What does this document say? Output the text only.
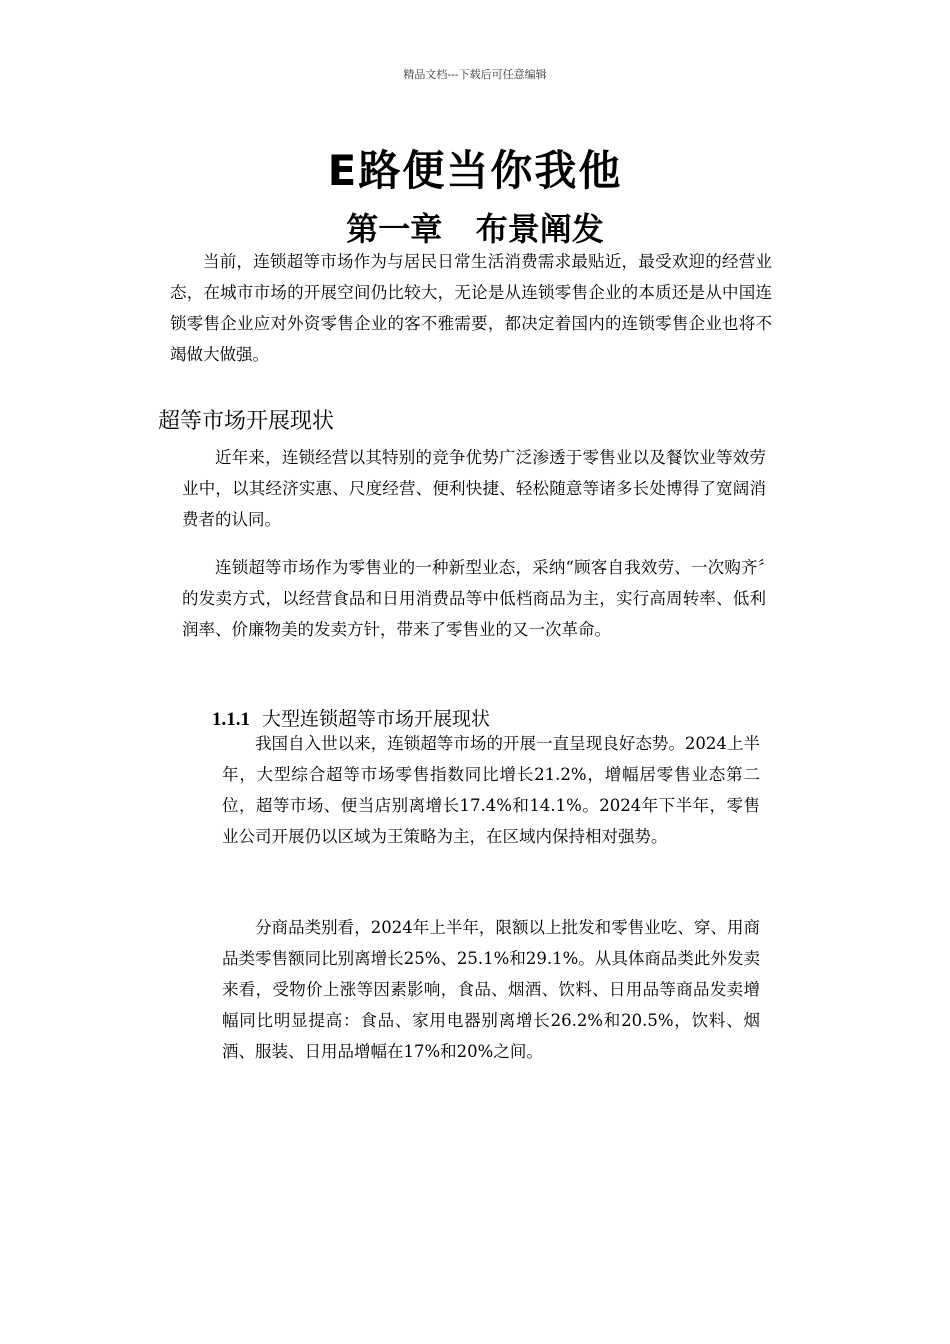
精品文档---下载后可任意编辑
E路便当你我他
第一章   布景阐发
当前，连锁超等市场作为与居民日常生活消费需求最贴近，最受欢迎的经营业态，在城市市场的开展空间仍比较大，无论是从连锁零售企业的本质还是从中国连锁零售企业应对外资零售企业的客不雅需要，都决定着国内的连锁零售企业也将不竭做大做强。
超等市场开展现状
近年来，连锁经营以其特别的竞争优势广泛渗透于零售业以及餐饮业等效劳业中，以其经济实惠、尺度经营、便利快捷、轻松随意等诸多长处博得了宽阔消费者的认同。
连锁超等市场作为零售业的一种新型业态，采纳“顾客自我效劳、一次购齐〞的发卖方式，以经营食品和日用消费品等中低档商品为主，实行高周转率、低利润率、价廉物美的发卖方针，带来了零售业的又一次革命。
1.1.1 大型连锁超等市场开展现状
我国自入世以来，连锁超等市场的开展一直呈现良好态势。2024上半年，大型综合超等市场零售指数同比增长21.2%，增幅居零售业态第二位，超等市场、便当店别离增长17.4%和14.1%。2024年下半年，零售业公司开展仍以区域为王策略为主，在区域内保持相对强势。
分商品类别看，2024年上半年，限额以上批发和零售业吃、穿、用商品类零售额同比别离增长25%、25.1%和29.1%。从具体商品类此外发卖来看，受物价上涨等因素影响，食品、烟酒、饮料、日用品等商品发卖增幅同比明显提高：食品、家用电器别离增长26.2%和20.5%，饮料、烟酒、服装、日用品增幅在17%和20%之间。
